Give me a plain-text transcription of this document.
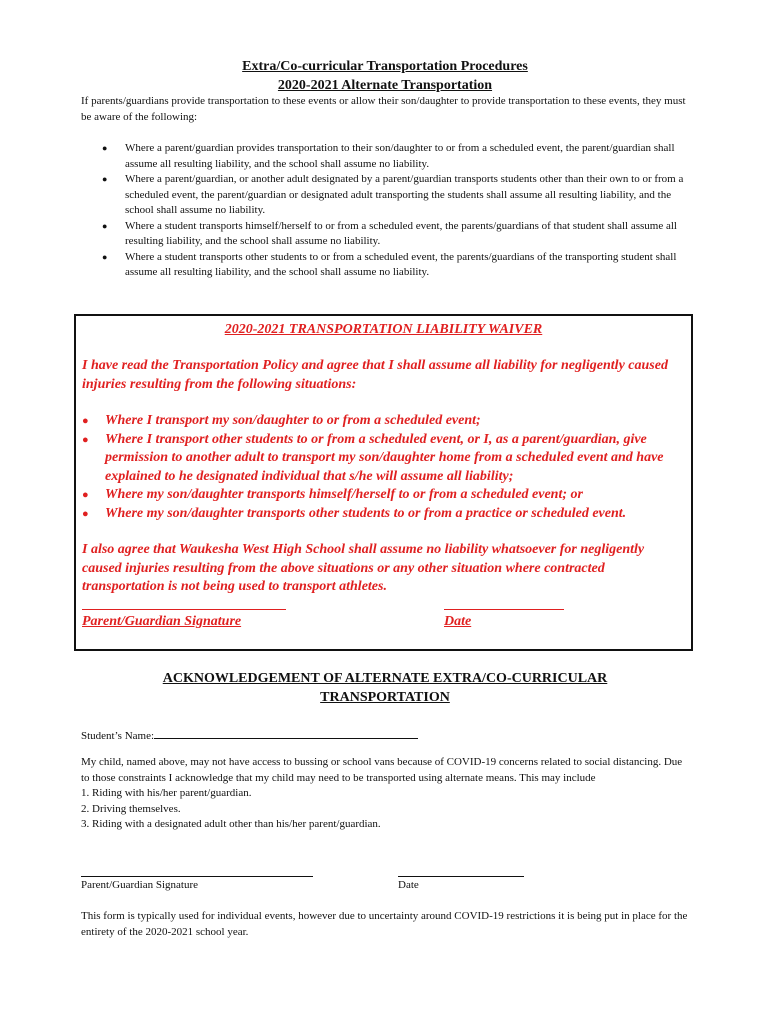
Extra/Co-curricular Transportation Procedures
2020-2021 Alternate Transportation
If parents/guardians provide transportation to these events or allow their son/daughter to provide transportation to these events, they must be aware of the following:
● Where a parent/guardian provides transportation to their son/daughter to or from a scheduled event, the parent/guardian shall assume all resulting liability, and the school shall assume no liability.
● Where a parent/guardian, or another adult designated by a parent/guardian transports students other than their own to or from a scheduled event, the parent/guardian or designated adult transporting the students shall assume all resulting liability, and the school shall assume no liability.
● Where a student transports himself/herself to or from a scheduled event, the parents/guardians of that student shall assume all resulting liability, and the school shall assume no liability.
● Where a student transports other students to or from a scheduled event, the parents/guardians of the transporting student shall assume all resulting liability, and the school shall assume no liability.
2020-2021 TRANSPORTATION LIABILITY WAIVER
I have read the Transportation Policy and agree that I shall assume all liability for negligently caused injuries resulting from the following situations:
● Where I transport my son/daughter to or from a scheduled event;
● Where I transport other students to or from a scheduled event, or I, as a parent/guardian, give permission to another adult to transport my son/daughter home from a scheduled event and have explained to he designated individual that s/he will assume all liability;
● Where my son/daughter transports himself/herself to or from a scheduled event; or
● Where my son/daughter transports other students to or from a practice or scheduled event.
I also agree that Waukesha West High School shall assume no liability whatsoever for negligently caused injuries resulting from the above situations or any other situation where contracted transportation is not being used to transport athletes.
Parent/Guardian Signature	Date
ACKNOWLEDGEMENT OF ALTERNATE EXTRA/CO-CURRICULAR
TRANSPORTATION
Student’s Name:
My child, named above, may not have access to bussing or school vans because of COVID-19 concerns related to social distancing. Due to those constraints I acknowledge that my child may need to be transported using alternate means. This may include
1. Riding with his/her parent/guardian.
2. Driving themselves.
3. Riding with a designated adult other than his/her parent/guardian.
Parent/Guardian Signature	Date
This form is typically used for individual events, however due to uncertainty around COVID-19 restrictions it is being put in place for the entirety of the 2020-2021 school year.
